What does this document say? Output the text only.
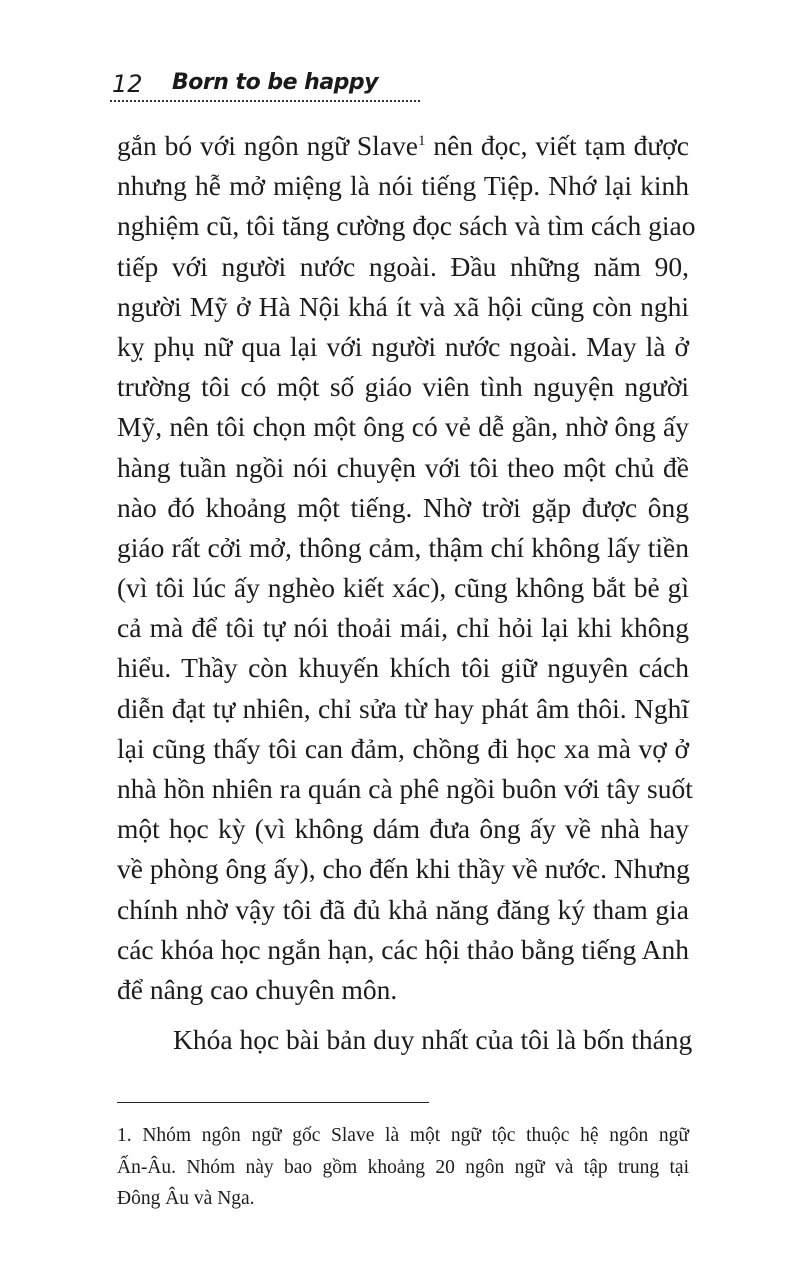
12 Born to be happy
gắn bó với ngôn ngữ Slave$^1$ nên đọc, viết tạm được
nhưng hễ mở miệng là nói tiếng Tiệp. Nhớ lại kinh
nghiệm cũ, tôi tăng cường đọc sách và tìm cách giao
tiếp với người nước ngoài. Đầu những năm 90,
người Mỹ ở Hà Nội khá ít và xã hội cũng còn nghi
kỵ phụ nữ qua lại với người nước ngoài. May là ở
trường tôi có một số giáo viên tình nguyện người
Mỹ, nên tôi chọn một ông có vẻ dễ gần, nhờ ông ấy
hàng tuần ngồi nói chuyện với tôi theo một chủ đề
nào đó khoảng một tiếng. Nhờ trời gặp được ông
giáo rất cởi mở, thông cảm, thậm chí không lấy tiền
(vì tôi lúc ấy nghèo kiết xác), cũng không bắt bẻ gì
cả mà để tôi tự nói thoải mái, chỉ hỏi lại khi không
hiểu. Thầy còn khuyến khích tôi giữ nguyên cách
diễn đạt tự nhiên, chỉ sửa từ hay phát âm thôi. Nghĩ
lại cũng thấy tôi can đảm, chồng đi học xa mà vợ ở
nhà hồn nhiên ra quán cà phê ngồi buôn với tây suốt
một học kỳ (vì không dám đưa ông ấy về nhà hay
về phòng ông ấy), cho đến khi thầy về nước. Nhưng
chính nhờ vậy tôi đã đủ khả năng đăng ký tham gia
các khóa học ngắn hạn, các hội thảo bằng tiếng Anh
để nâng cao chuyên môn.
Khóa học bài bản duy nhất của tôi là bốn tháng
1. Nhóm ngôn ngữ gốc Slave là một ngữ tộc thuộc hệ ngôn ngữ
Ấn-Âu. Nhóm này bao gồm khoảng 20 ngôn ngữ và tập trung tại
Đông Âu và Nga.
